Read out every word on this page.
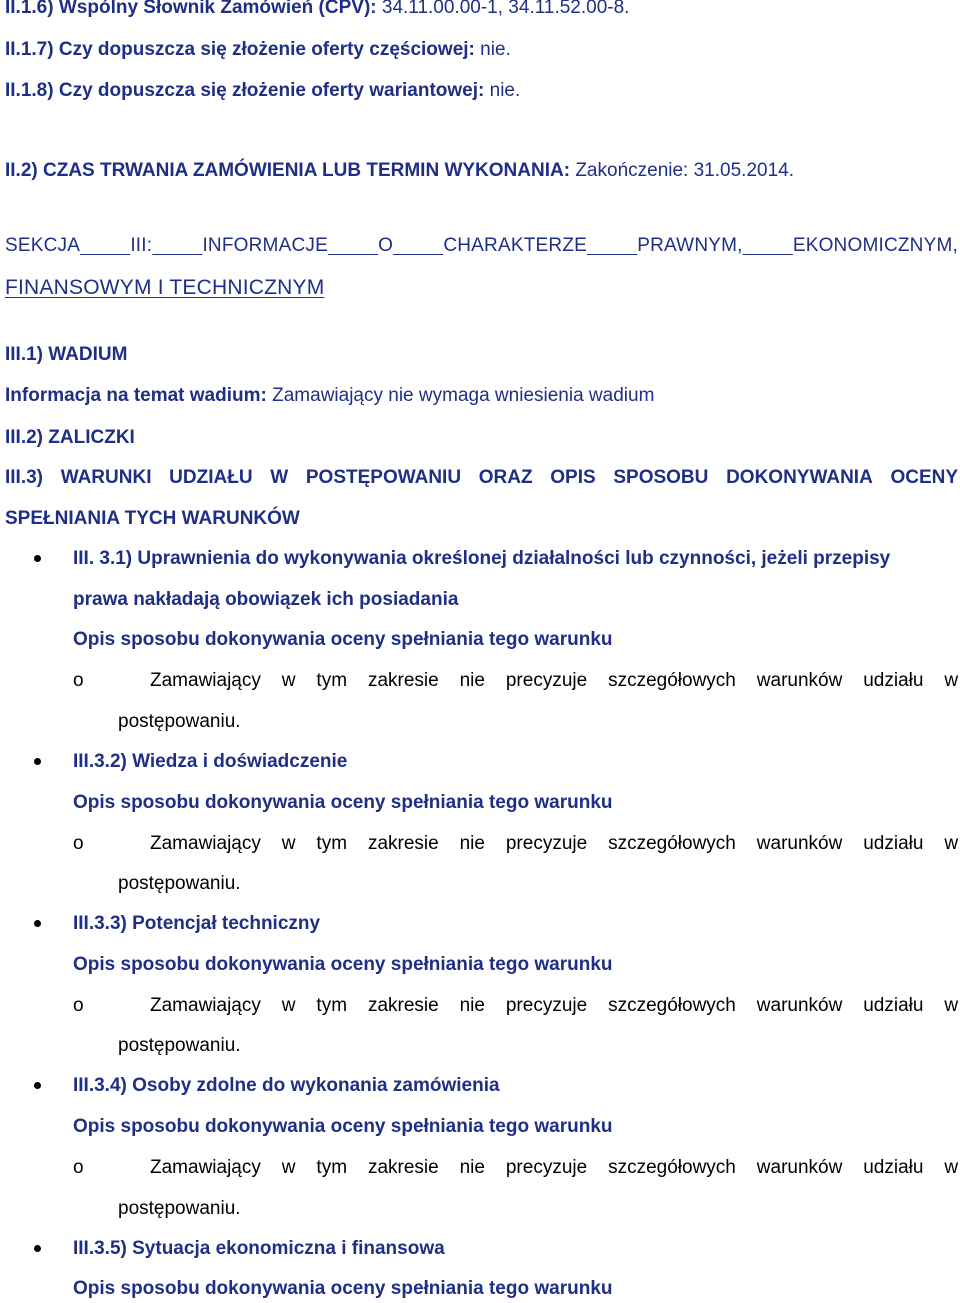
II.1.6) Wspólny Słownik Zamówień (CPV): 34.11.00.00-1, 34.11.52.00-8.
II.1.7) Czy dopuszcza się złożenie oferty częściowej: nie.
II.1.8) Czy dopuszcza się złożenie oferty wariantowej: nie.
II.2) CZAS TRWANIA ZAMÓWIENIA LUB TERMIN WYKONANIA: Zakończenie: 31.05.2014.
SEKCJA	III:	INFORMACJE	O	CHARAKTERZE	PRAWNYM,	EKONOMICZNYM,
FINANSOWYM I TECHNICZNYM
III.1) WADIUM
Informacja na temat wadium: Zamawiający nie wymaga wniesienia wadium
III.2) ZALICZKI
III.3) WARUNKI UDZIAŁU W POSTĘPOWANIU ORAZ OPIS SPOSOBU DOKONYWANIA OCENY
SPEŁNIANIA TYCH WARUNKÓW
III. 3.1) Uprawnienia do wykonywania określonej działalności lub czynności, jeżeli przepisy
prawa nakładają obowiązek ich posiadania
Opis sposobu dokonywania oceny spełniania tego warunku
o	Zamawiający w tym zakresie nie precyzuje szczegółowych warunków udziału w
postępowaniu.
III.3.2) Wiedza i doświadczenie
Opis sposobu dokonywania oceny spełniania tego warunku
o	Zamawiający w tym zakresie nie precyzuje szczegółowych warunków udziału w
postępowaniu.
III.3.3) Potencjał techniczny
Opis sposobu dokonywania oceny spełniania tego warunku
o	Zamawiający w tym zakresie nie precyzuje szczegółowych warunków udziału w
postępowaniu.
III.3.4) Osoby zdolne do wykonania zamówienia
Opis sposobu dokonywania oceny spełniania tego warunku
o	Zamawiający w tym zakresie nie precyzuje szczegółowych warunków udziału w
postępowaniu.
III.3.5) Sytuacja ekonomiczna i finansowa
Opis sposobu dokonywania oceny spełniania tego warunku
